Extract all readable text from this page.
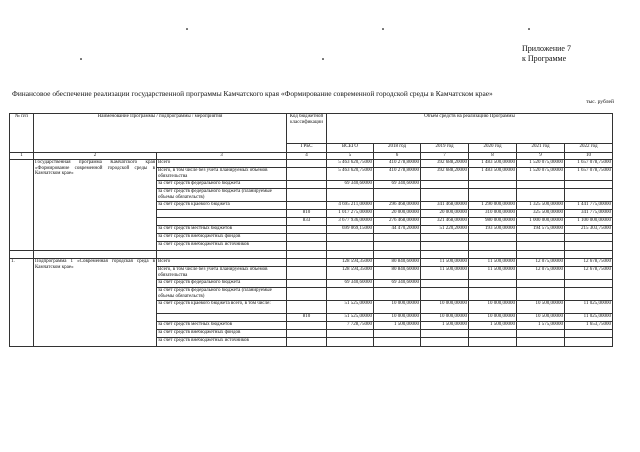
Приложение 7
к Программе
Финансовое обеспечение реализации государственной программы Камчатского края «Формирование современной городской среды в Камчатском крае»
тыс. рублей
№ п/п	Наименование Программы / подпрограммы / мероприятия		Код бюджетной классификации	Объем средств на реализацию Программы					
			ГРБС	ВСЕГО	2018 год	2019 год	2020 год	2021 год	2022 год
1	2	3	4	5	6	7	8	9	10
	Государственная программа Камчатского края «Формирование современной городской среды в Камчатском крае»	Всего		5 463 620,75000	410 278,80000	392 688,20000	1 483 500,00000	1 520 075,00000	1 657 078,75000
		Всего, в том числе без учета планируемых объемов обязательства		5 463 620,75000	410 278,80000	392 688,20000	1 483 500,00000	1 520 075,00000	1 657 078,75000
		за счет средств федерального бюджета		69 340,60000	69 340,60000				
		за счет средств федерального бюджета (планируемые объемы обязательств)							
		за счет средств краевого бюджета		4 695 211,00000	296 468,00000	341 468,00000	1 290 000,00000	1 325 500,00000	1 441 775,00000
			810	1 017 275,00000	20 000,00000	20 000,00000	310 000,00000	325 500,00000	341 775,00000
			833	3 677 936,00000	276 468,00000	321 468,00000	980 000,00000	1 000 000,00000	1 100 000,00000
		за счет средств местных бюджетов		699 069,15000	44 470,20000	51 220,20000	193 500,00000	194 575,00000	215 303,75000
		за счет средств внебюджетных фондов							
		за счет средств внебюджетных источников							

1.	Подпрограмма 1 «Современная городская среда в Камчатском крае»	Всего		128 594,35000	80 840,60000	11 500,00000	11 500,00000	12 075,00000	12 678,75000
		Всего, в том числе без учета планируемых объемов обязательства		128 594,35000	80 840,60000	11 500,00000	11 500,00000	12 075,00000	12 678,75000
		за счет средств федерального бюджета		69 340,60000	69 340,60000				
		за счет средств федерального бюджета (планируемые объемы обязательств)							
		за счет средств краевого бюджета всего, в том числе:		51 525,00000	10 000,00000	10 000,00000	10 000,00000	10 500,00000	11 025,00000
			810	51 525,00000	10 000,00000	10 000,00000	10 000,00000	10 500,00000	11 025,00000
		за счет средств местных бюджетов		7 728,75000	1 500,00000	1 500,00000	1 500,00000	1 575,00000	1 653,75000
		за счет средств внебюджетных фондов							
		за счет средств внебюджетных источников							
